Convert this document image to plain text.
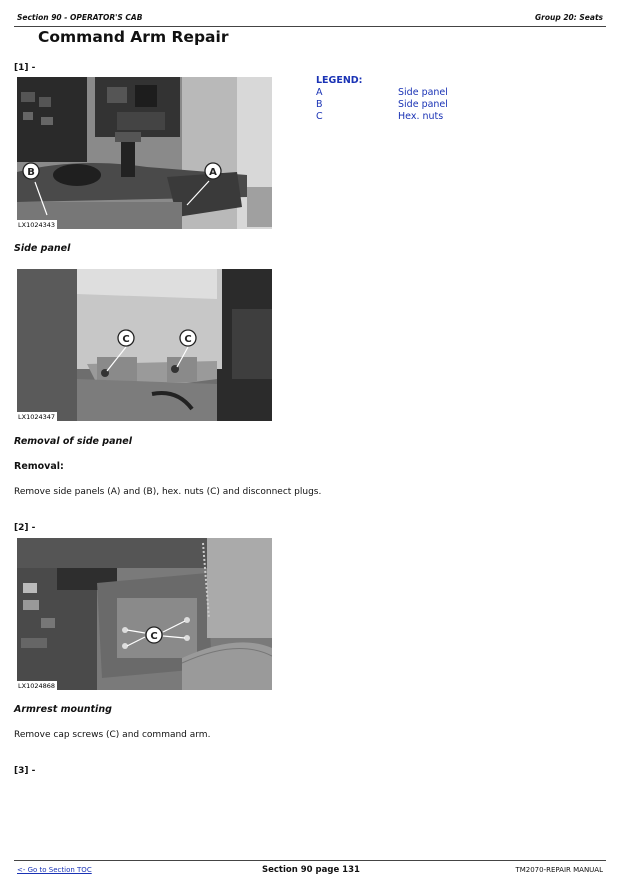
Section 90 - OPERATOR'S CAB	Group 20: Seats
Command Arm Repair
[1] -
B	A
LX1024343
LEGEND:
A	Side panel
B	Side panel
C	Hex. nuts
Side panel
C	C
LX1024347
Removal of side panel
Removal:
Remove side panels (A) and (B), hex. nuts (C) and disconnect plugs.
[2] -
C
LX1024868
Armrest mounting
Remove cap screws (C) and command arm.
[3] -
<- Go to Section TOC	Section 90 page 131	TM2070-REPAIR MANUAL
